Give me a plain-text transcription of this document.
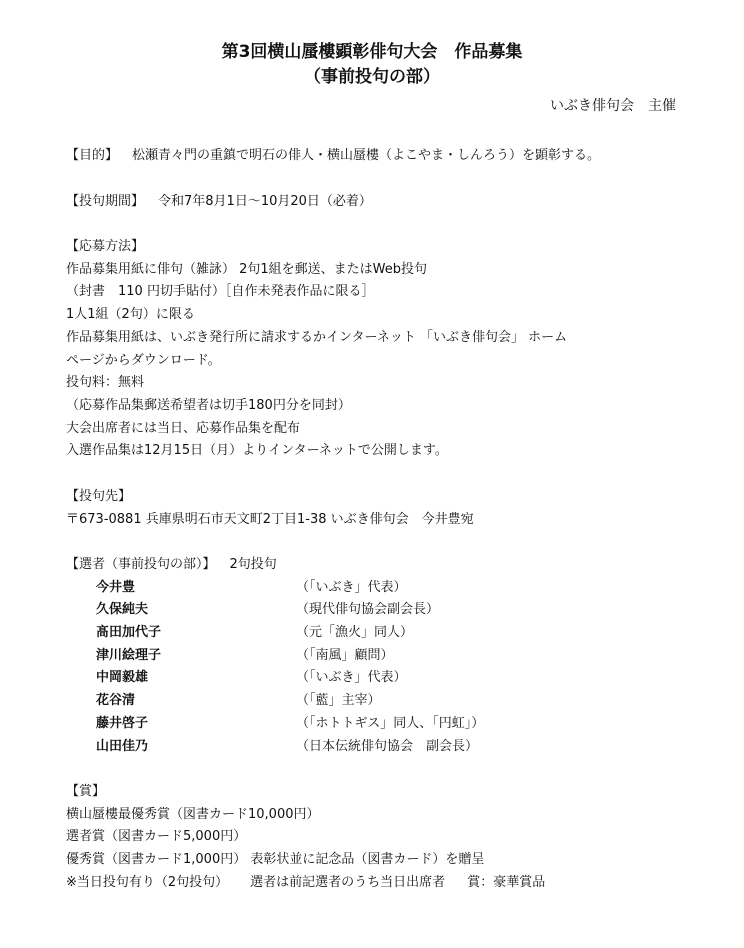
第3回横山蜃樓顕彰俳句大会　作品募集
（事前投句の部）
いぶき俳句会　主催
【目的】 松瀬青々門の重鎮で明石の俳人・横山蜃樓（よこやま・しんろう）を顕彰する。
【投句期間】 令和7年8月1日～10月20日（必着）
【応募方法】
作品募集用紙に俳句（雑詠） 2句1組を郵送、またはWeb投句
（封書　110 円切手貼付）［自作未発表作品に限る］
1人1組（2句）に限る
作品募集用紙は、いぶき発行所に請求するかインターネット 「いぶき俳句会」 ホーム
ページからダウンロード。
投句料：無料
（応募作品集郵送希望者は切手180円分を同封）
大会出席者には当日、応募作品集を配布
入選作品集は12月15日（月）よりインターネットで公開します。
【投句先】
〒673-0881 兵庫県明石市天文町2丁目1-38 いぶき俳句会　今井豊宛
【選者（事前投句の部）】 2句投句
今井豊	（「いぶき」代表）
久保純夫	（現代俳句協会副会長）
髙田加代子	（元「漁火」同人）
津川絵理子	（「南風」顧問）
中岡毅雄	（「いぶき」代表）
花谷清	（「藍」主宰）
藤井啓子	（「ホトトギス」同人、「円虹」）
山田佳乃	（日本伝統俳句協会　副会長）
【賞】
横山蜃樓最優秀賞（図書カード10,000円）
選者賞（図書カード5,000円）
優秀賞（図書カード1,000円） 表彰状並に記念品（図書カード）を贈呈
※当日投句有り（2句投句） 選者は前記選者のうち当日出席者 賞：豪華賞品
